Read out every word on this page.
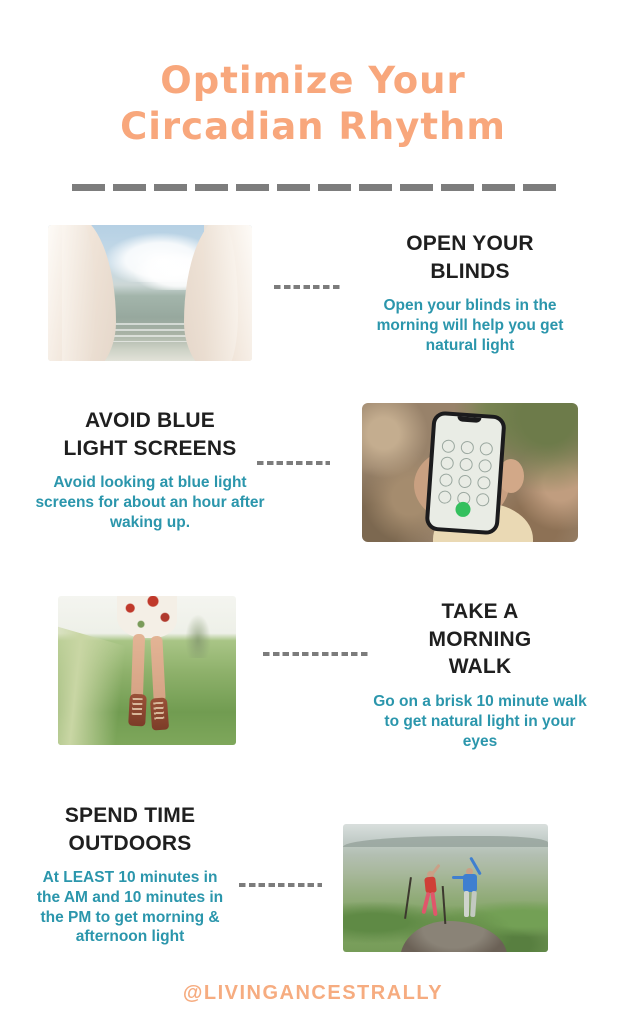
Optimize Your
Circadian Rhythm
OPEN YOUR
BLINDS
Open your blinds in the morning will help you get natural light
AVOID BLUE
LIGHT SCREENS
Avoid looking at blue light screens for about an hour after waking up.
TAKE A
MORNING
WALK
Go on a brisk 10 minute walk to get natural light in your eyes
SPEND TIME
OUTDOORS
At LEAST 10 minutes in the AM and 10 minutes in the PM to get morning & afternoon light
@LIVINGANCESTRALLY
